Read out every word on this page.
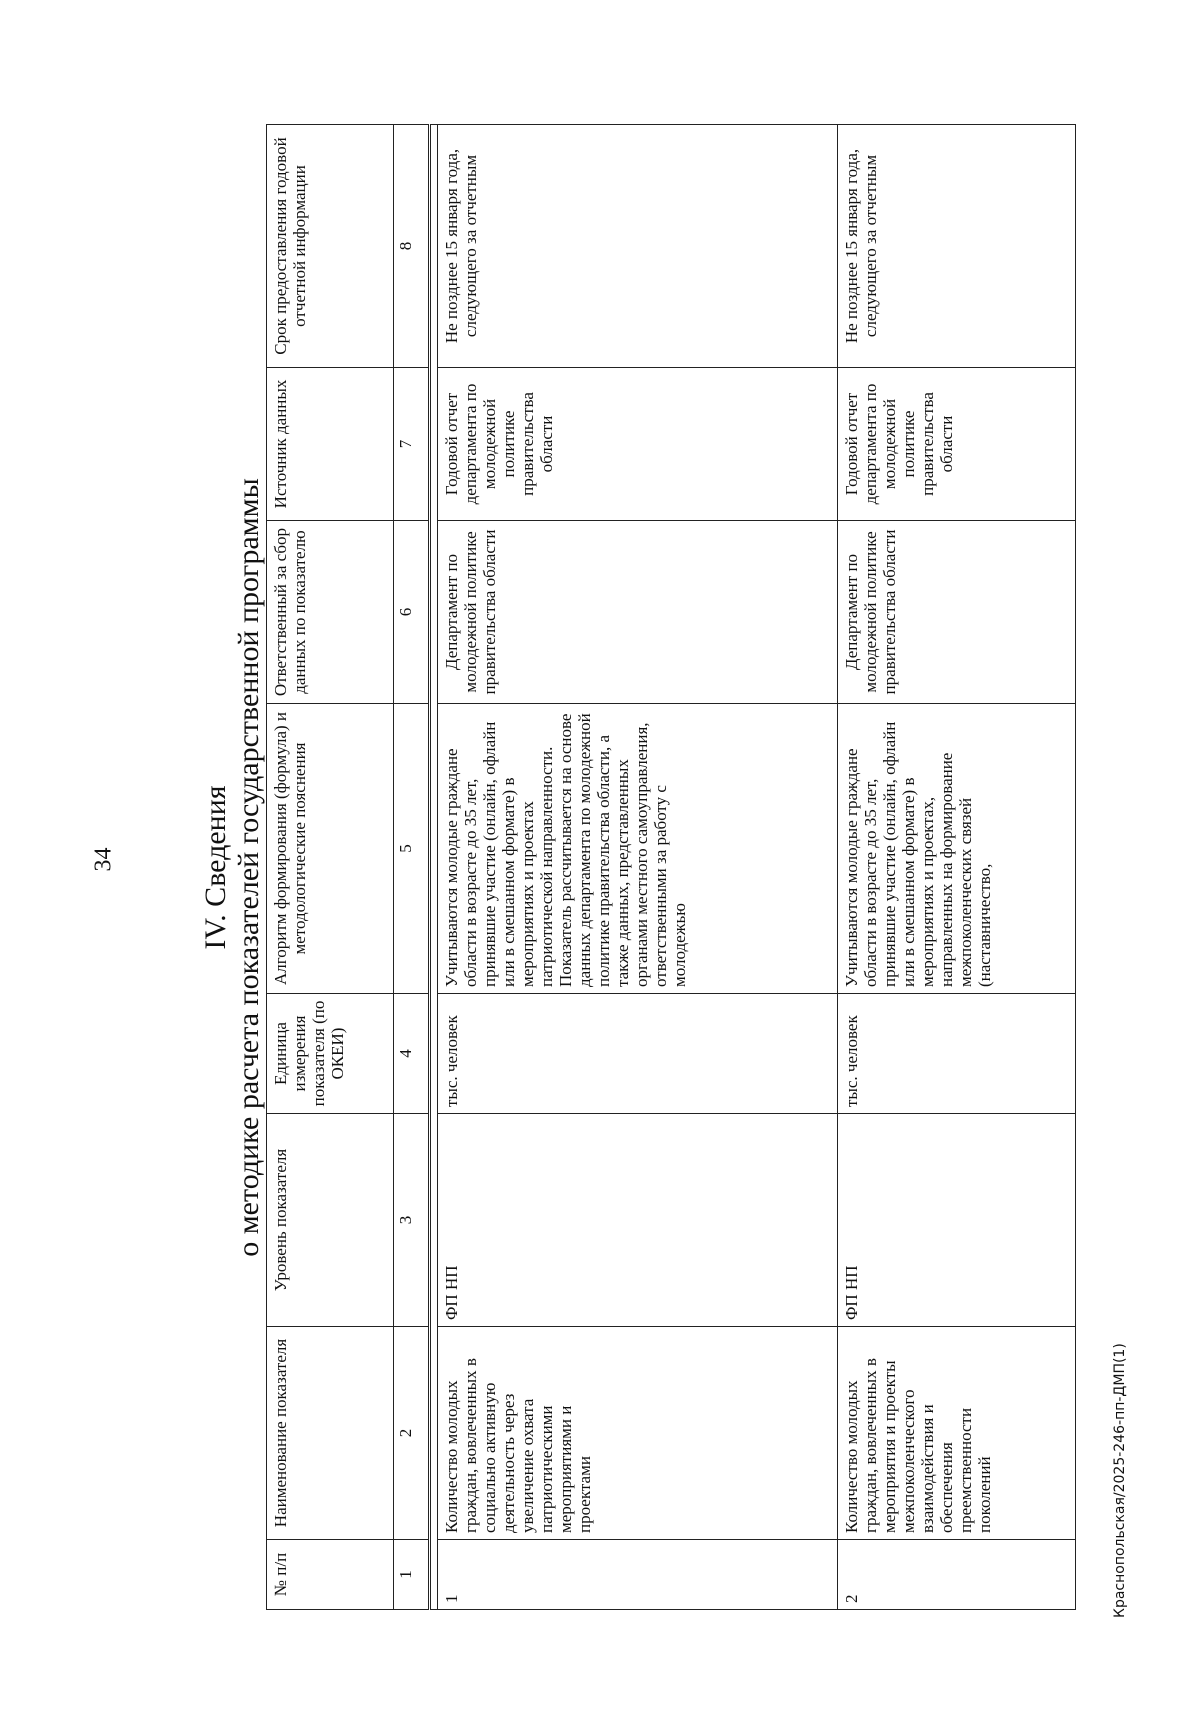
34	IV. Сведения о методике расчета показателей государственной программы
№ п/п	Наименование показателя	Уровень показателя	Единица измерения показателя (по ОКЕИ)	Алгоритм формирования (формула) и методологические пояснения	Ответственный за сбор данных по показателю	Источник данных	Срок предоставления годовой отчетной информации
1	2	3	4	5	6	7	8

1	Количество молодых граждан, вовлеченных в социально активную деятельность через увеличение охвата патриотическими мероприятиями и проектами	ФП НП	тыс. человек	Учитываются молодые граждане области в возрасте до 35 лет, принявшие участие (онлайн, офлайн или в смешанном формате) в мероприятиях и проектах патриотической направленности. Показатель рассчитывается на основе данных департамента по молодежной политике правительства области, а также данных, представленных органами местного самоуправления, ответственными за работу с молодежью	Департамент по молодежной политике правительства области	Годовой отчет департамента по молодежной политике правительства области	Не позднее 15 января года, следующего за отчетным
2	Количество молодых граждан, вовлеченных в мероприятия и проекты межпоколенческого взаимодействия и обеспечения преемственности поколений	ФП НП	тыс. человек	Учитываются молодые граждане области в возрасте до 35 лет, принявшие участие (онлайн, офлайн или в смешанном формате) в мероприятиях и проектах, направленных на формирование межпоколенческих связей (наставничество,	Департамент по молодежной политике правительства области	Годовой отчет департамента по молодежной политике правительства области	Не позднее 15 января года, следующего за отчетным
Краснопольская/2025-246-пп-ДМП(1)
